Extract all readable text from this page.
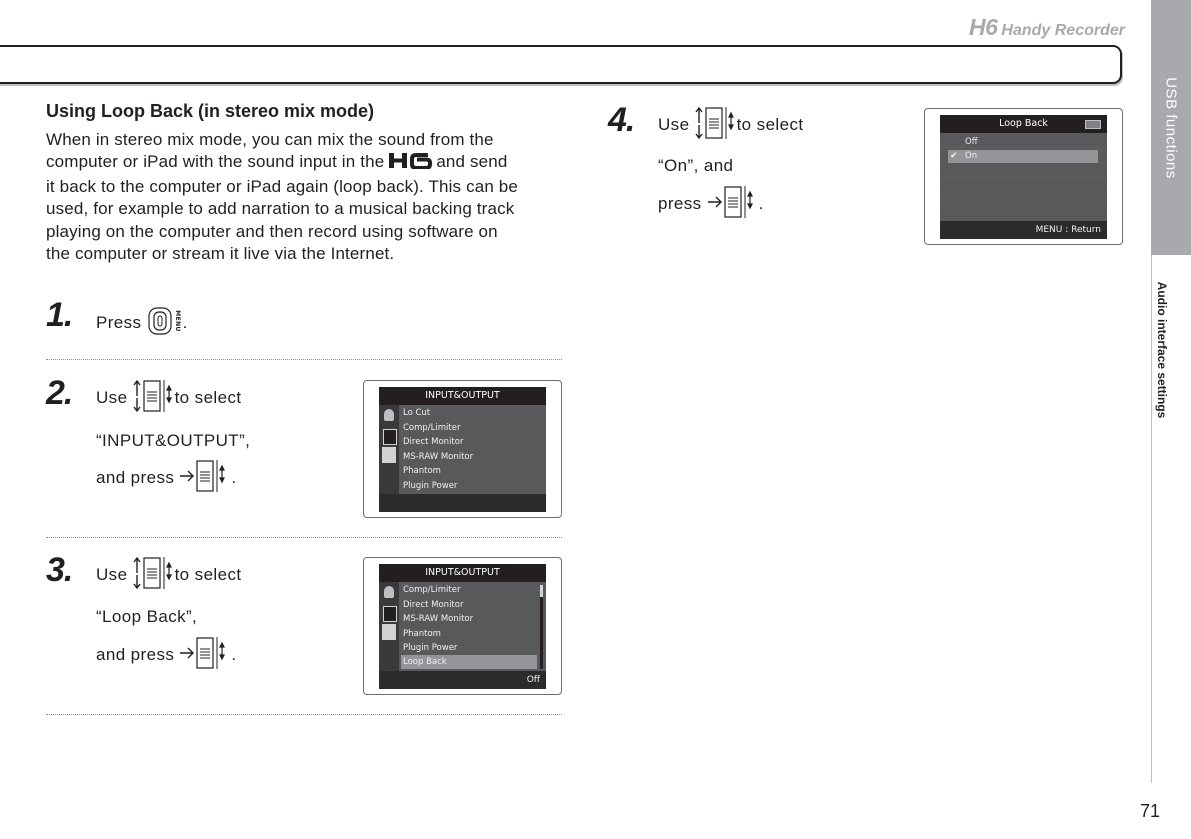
H6 Handy Recorder
USB functions
Audio interface settings
71
Using Loop Back (in stereo mix mode)

When in stereo mix mode, you can mix the sound from the

computer or iPad with the sound input in the	and send

it back to the computer or iPad again (loop back). This can be

used, for example to add narration to a musical backing track

playing on the computer and then record using software on

the computer or stream it live via the Internet.

1. Press	MENU .
2. Use	to select
“INPUT&OUTPUT”,
and press	.
INPUT&OUTPUT
Lo Cut
Comp/Limiter
Direct Monitor
MS-RAW Monitor
Phantom
Plugin Power
3. Use	to select
“Loop Back”,
and press	.
INPUT&OUTPUT
Comp/Limiter
Direct Monitor
MS-RAW Monitor
Phantom
Plugin Power
Loop Back
Off
4. Use	to select
“On”, and
press	.
Loop Back
Off
✔ On
MENU : Return
